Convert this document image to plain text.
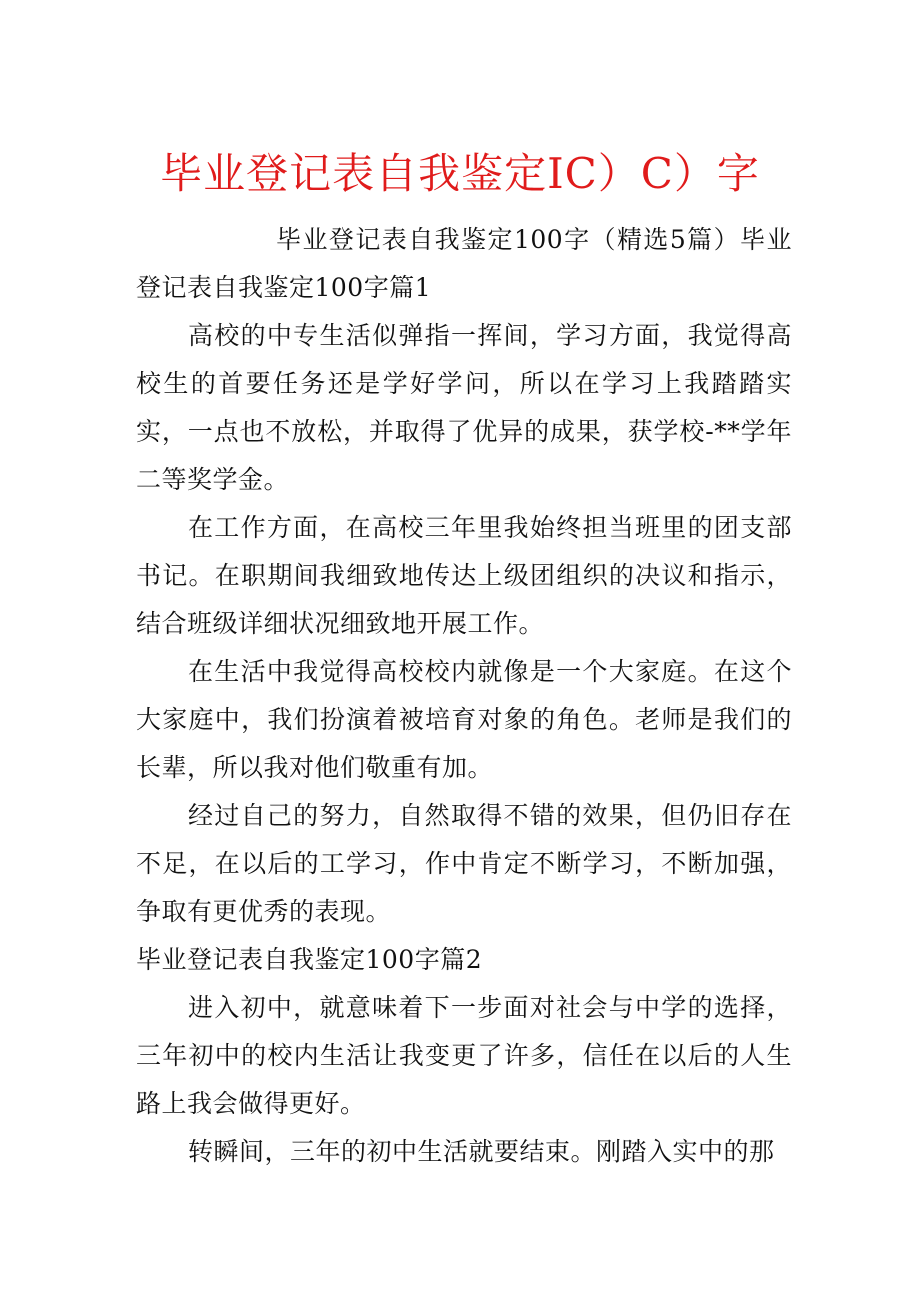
毕业登记表自我鉴定IC）C）字

毕业登记表自我鉴定100字（精选5篇）毕业登记表自我鉴定100字篇1

高校的中专生活似弹指一挥间，学习方面，我觉得高校生的首要任务还是学好学问，所以在学习上我踏踏实实，一点也不放松，并取得了优异的成果，获学校-**学年二等奖学金。

在工作方面，在高校三年里我始终担当班里的团支部书记。在职期间我细致地传达上级团组织的决议和指示，结合班级详细状况细致地开展工作。

在生活中我觉得高校校内就像是一个大家庭。在这个大家庭中，我们扮演着被培育对象的角色。老师是我们的长辈，所以我对他们敬重有加。

经过自己的努力，自然取得不错的效果，但仍旧存在不足，在以后的工学习，作中肯定不断学习，不断加强，争取有更优秀的表现。

毕业登记表自我鉴定100字篇2

进入初中，就意味着下一步面对社会与中学的选择，三年初中的校内生活让我变更了许多，信任在以后的人生路上我会做得更好。

转瞬间，三年的初中生活就要结束。刚踏入实中的那
